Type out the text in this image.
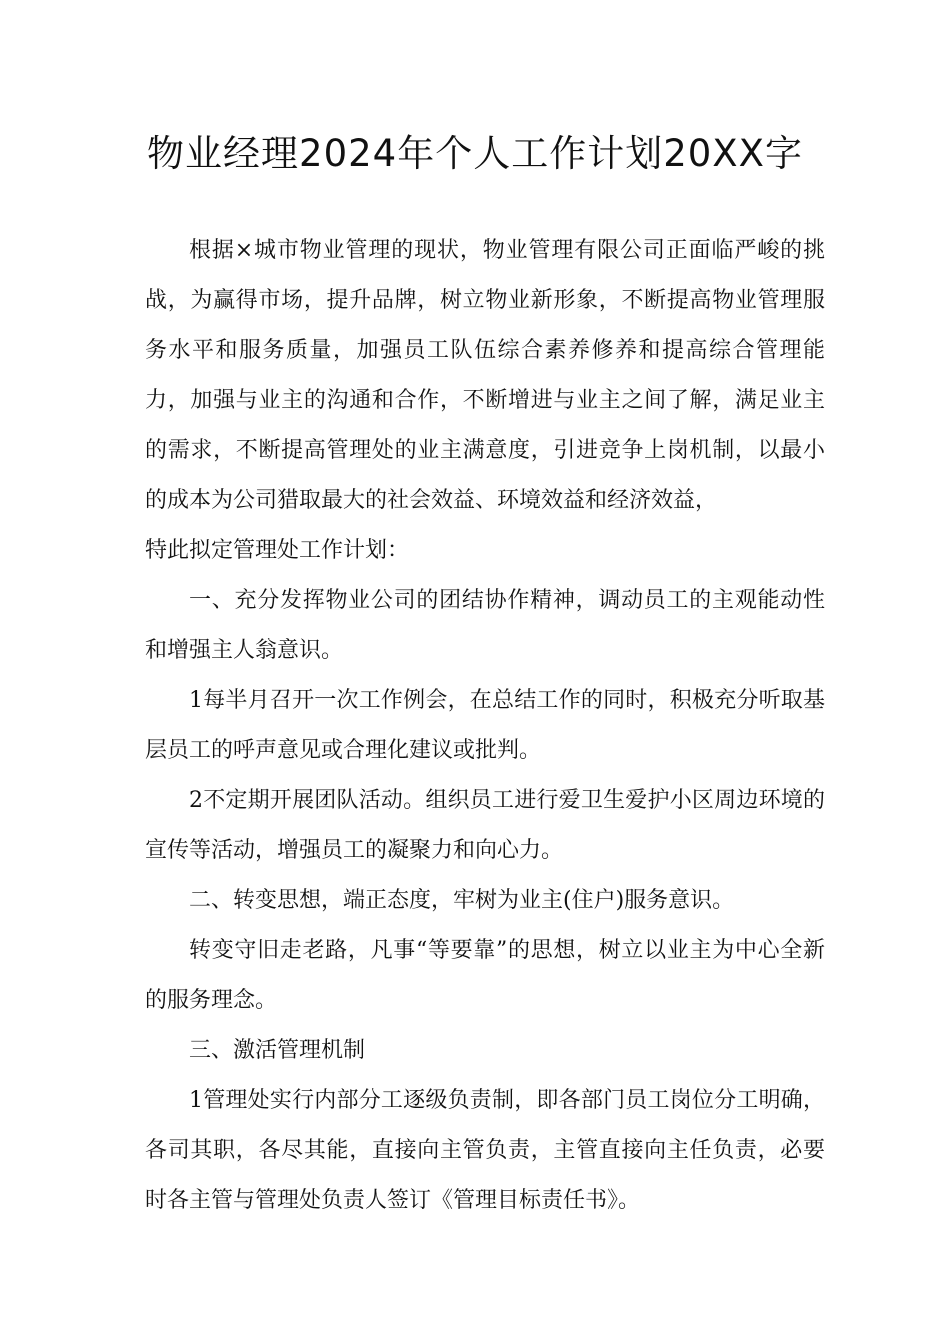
物业经理2024年个人工作计划20XX字

根据×城市物业管理的现状，物业管理有限公司正面临严峻的挑战，为赢得市场，提升品牌，树立物业新形象，不断提高物业管理服务水平和服务质量，加强员工队伍综合素养修养和提高综合管理能力，加强与业主的沟通和合作，不断增进与业主之间了解，满足业主的需求，不断提高管理处的业主满意度，引进竞争上岗机制，以最小的成本为公司猎取最大的社会效益、环境效益和经济效益，

特此拟定管理处工作计划：

一、充分发挥物业公司的团结协作精神，调动员工的主观能动性和增强主人翁意识。

1每半月召开一次工作例会，在总结工作的同时，积极充分听取基层员工的呼声意见或合理化建议或批判。

2不定期开展团队活动。组织员工进行爱卫生爱护小区周边环境的宣传等活动，增强员工的凝聚力和向心力。

二、转变思想，端正态度，牢树为业主(住户)服务意识。

转变守旧走老路，凡事“等要靠”的思想，树立以业主为中心全新的服务理念。

三、激活管理机制

1管理处实行内部分工逐级负责制，即各部门员工岗位分工明确，各司其职，各尽其能，直接向主管负责，主管直接向主任负责，必要时各主管与管理处负责人签订《管理目标责任书》。
